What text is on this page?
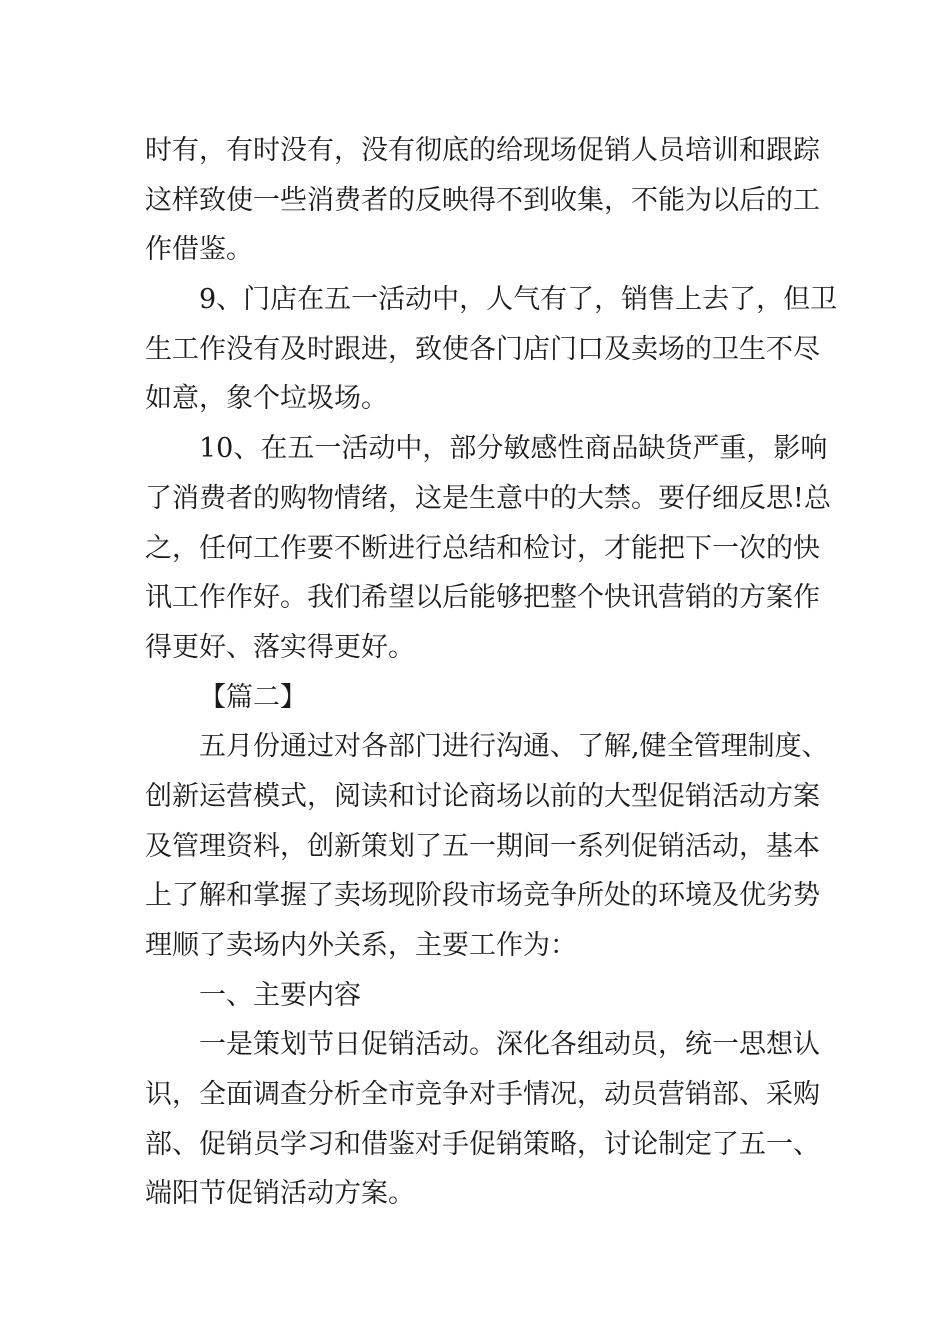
时有，有时没有，没有彻底的给现场促销人员培训和跟踪

这样致使一些消费者的反映得不到收集，不能为以后的工

作借鉴。

9、门店在五一活动中，人气有了，销售上去了，但卫

生工作没有及时跟进，致使各门店门口及卖场的卫生不尽

如意，象个垃圾场。

10、在五一活动中，部分敏感性商品缺货严重，影响

了消费者的购物情绪，这是生意中的大禁。要仔细反思!总

之，任何工作要不断进行总结和检讨，才能把下一次的快

讯工作作好。我们希望以后能够把整个快讯营销的方案作

得更好、落实得更好。

【篇二】

五月份通过对各部门进行沟通、了解,健全管理制度、

创新运营模式，阅读和讨论商场以前的大型促销活动方案

及管理资料，创新策划了五一期间一系列促销活动，基本

上了解和掌握了卖场现阶段市场竞争所处的环境及优劣势

理顺了卖场内外关系，主要工作为：

一、主要内容

一是策划节日促销活动。深化各组动员，统一思想认

识，全面调查分析全市竞争对手情况，动员营销部、采购

部、促销员学习和借鉴对手促销策略，讨论制定了五一、

端阳节促销活动方案。
